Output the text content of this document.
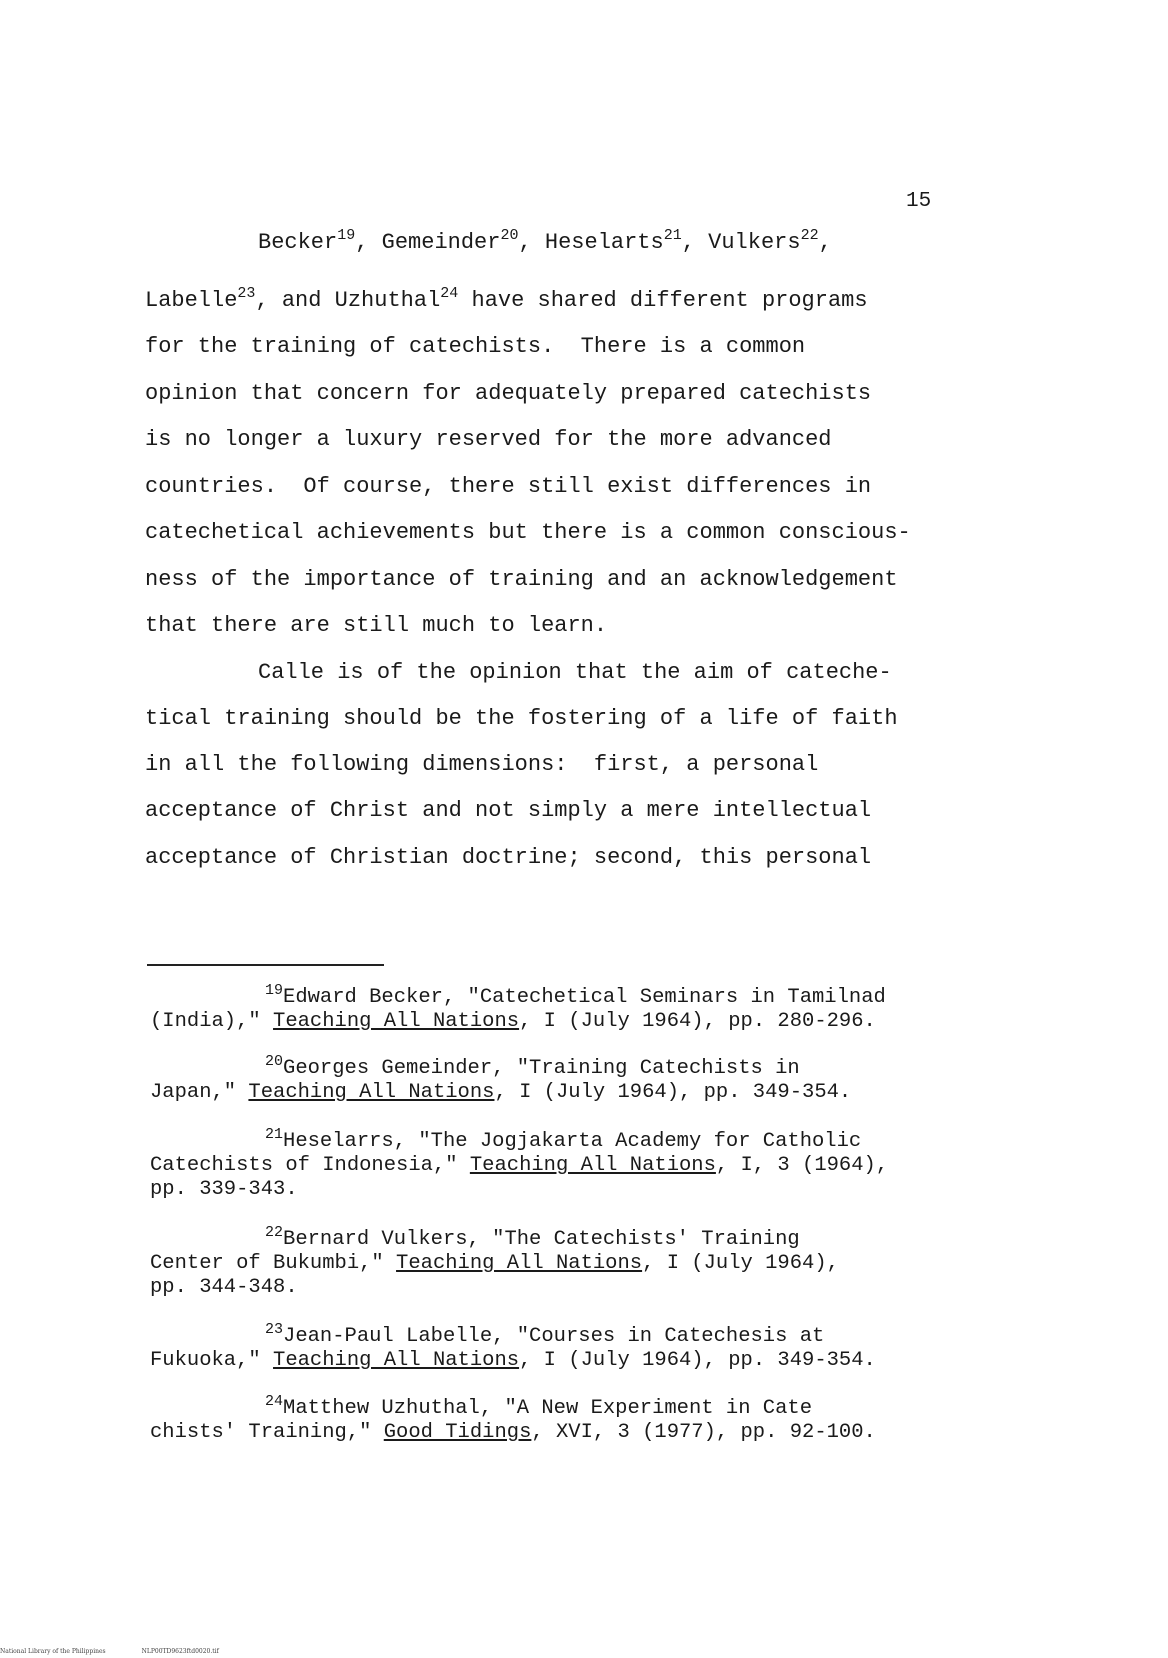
15
Becker$^{19}$, Gemeinder$^{20}$, Heselarts$^{21}$, Vulkers$^{22}$,
Labelle$^{23}$, and Uzhuthal$^{24}$ have shared different programs
for the training of catechists.  There is a common
opinion that concern for adequately prepared catechists
is no longer a luxury reserved for the more advanced
countries.  Of course, there still exist differences in
catechetical achievements but there is a common conscious-
ness of the importance of training and an acknowledgement
that there are still much to learn.
Calle is of the opinion that the aim of cateche-
tical training should be the fostering of a life of faith
in all the following dimensions:  first, a personal
acceptance of Christ and not simply a mere intellectual
acceptance of Christian doctrine; second, this personal
$^{19}$Edward Becker, "Catechetical Seminars in Tamilnad
(India)," Teaching All Nations, I (July 1964), pp. 280-296.
$^{20}$Georges Gemeinder, "Training Catechists in
Japan," Teaching All Nations, I (July 1964), pp. 349-354.
$^{21}$Heselarrs, "The Jogjakarta Academy for Catholic
Catechists of Indonesia," Teaching All Nations, I, 3 (1964),
pp. 339-343.
$^{22}$Bernard Vulkers, "The Catechists' Training
Center of Bukumbi," Teaching All Nations, I (July 1964),
pp. 344-348.
$^{23}$Jean-Paul Labelle, "Courses in Catechesis at
Fukuoka," Teaching All Nations, I (July 1964), pp. 349-354.
$^{24}$Matthew Uzhuthal, "A New Experiment in Cate
chists' Training," Good Tidings, XVI, 3 (1977), pp. 92-100.
National Library of the Philippines	NLP00TD9623ftd0020.tif
